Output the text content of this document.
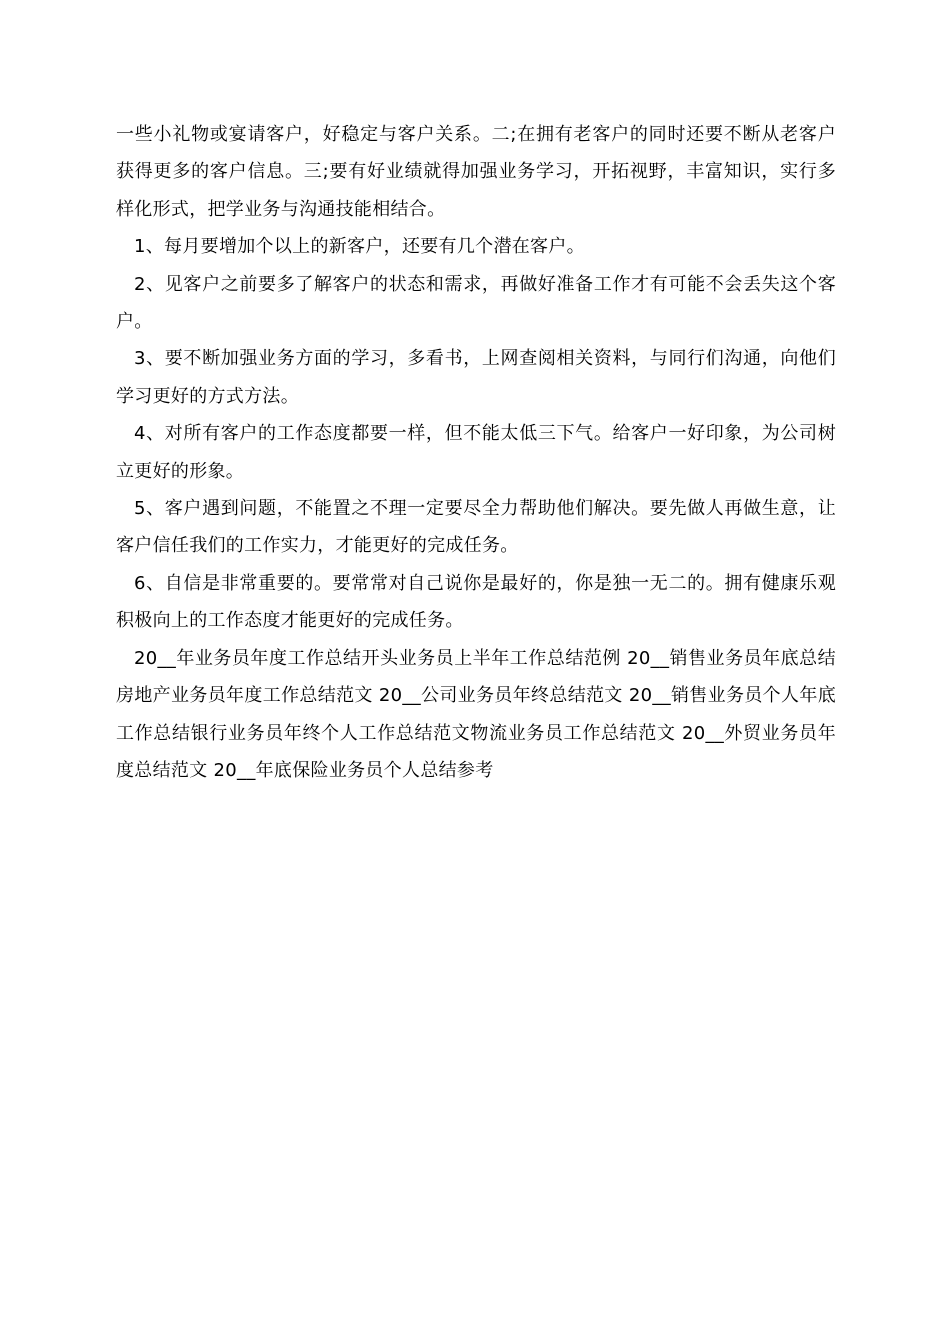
一些小礼物或宴请客户，好稳定与客户关系。二;在拥有老客户的同时还要不断从老客户获得更多的客户信息。三;要有好业绩就得加强业务学习，开拓视野，丰富知识，实行多样化形式，把学业务与沟通技能相结合。

1、每月要增加个以上的新客户，还要有几个潜在客户。

2、见客户之前要多了解客户的状态和需求，再做好准备工作才有可能不会丢失这个客户。

3、要不断加强业务方面的学习，多看书，上网查阅相关资料，与同行们沟通，向他们学习更好的方式方法。

4、对所有客户的工作态度都要一样，但不能太低三下气。给客户一好印象，为公司树立更好的形象。

5、客户遇到问题，不能置之不理一定要尽全力帮助他们解决。要先做人再做生意，让客户信任我们的工作实力，才能更好的完成任务。

6、自信是非常重要的。要常常对自己说你是最好的，你是独一无二的。拥有健康乐观积极向上的工作态度才能更好的完成任务。

20__年业务员年度工作总结开头业务员上半年工作总结范例 20__销售业务员年底总结房地产业务员年度工作总结范文 20__公司业务员年终总结范文 20__销售业务员个人年底工作总结银行业务员年终个人工作总结范文物流业务员工作总结范文 20__外贸业务员年度总结范文 20__年底保险业务员个人总结参考
